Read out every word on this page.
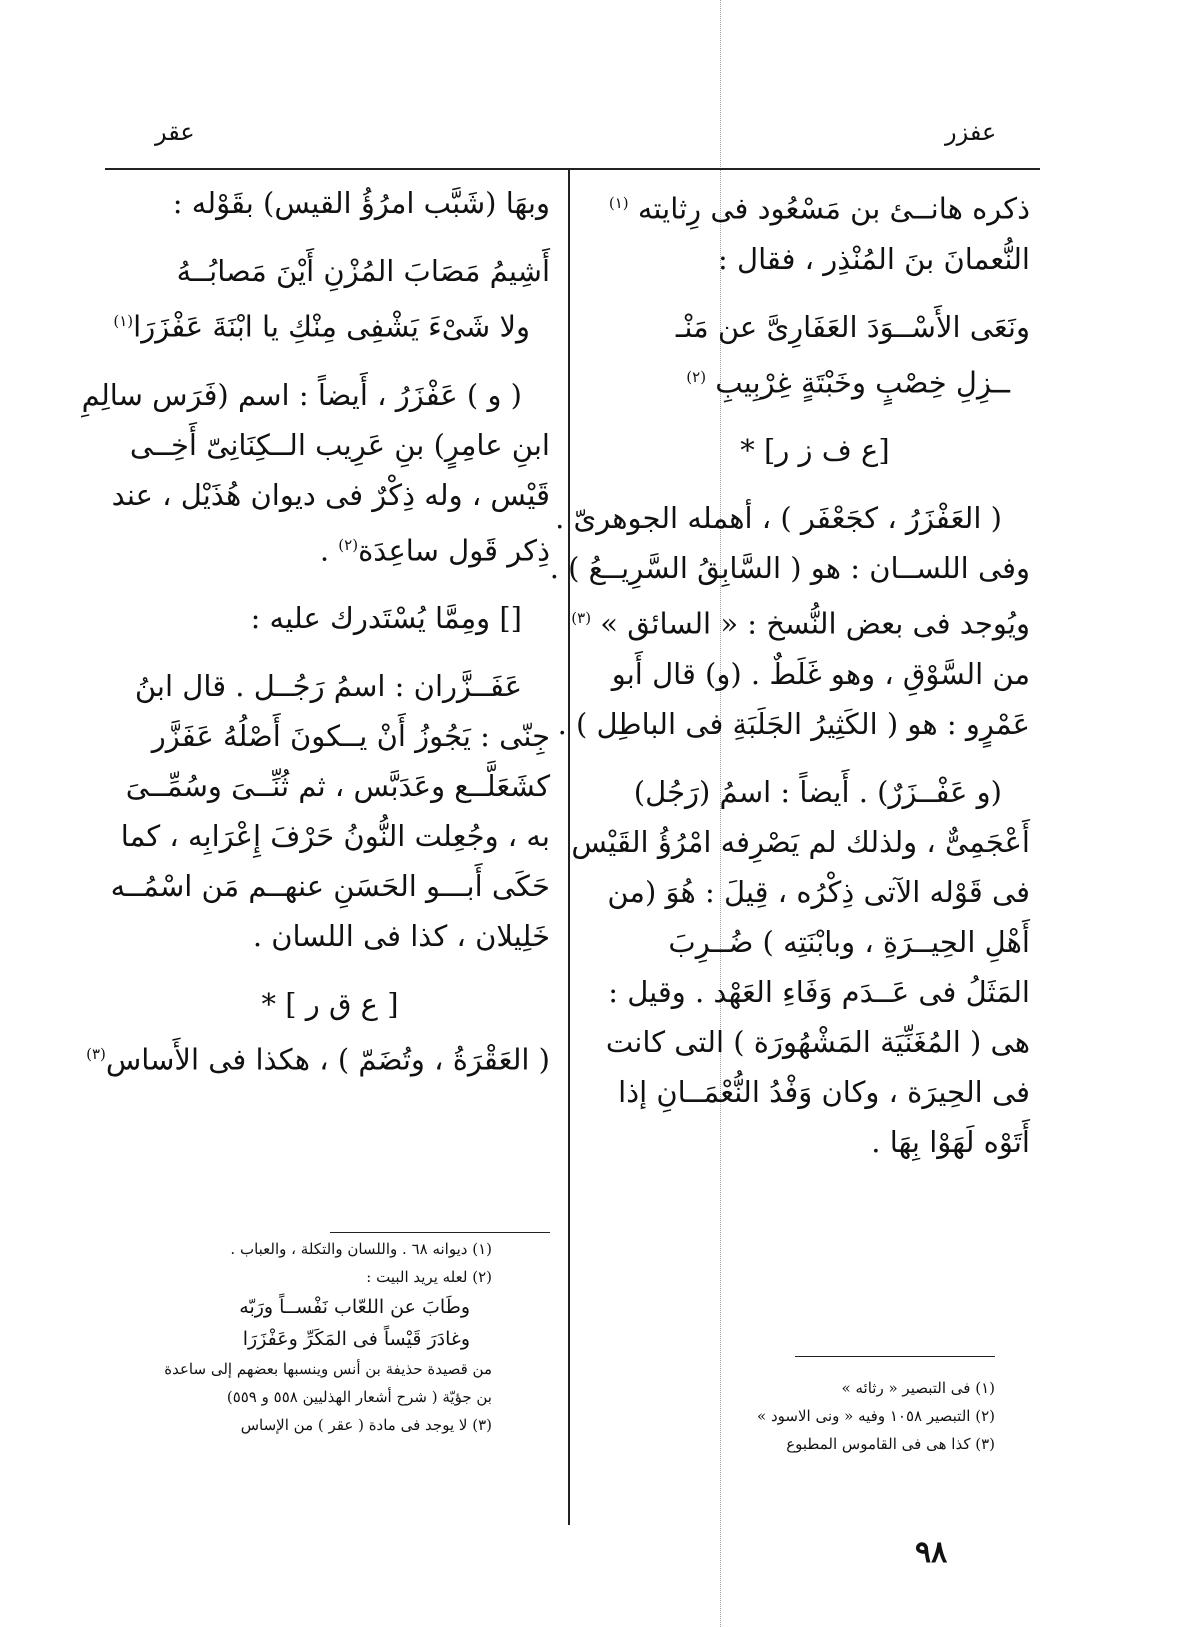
عقر	عفزر

ذكره هانــئ بن مَسْعُود فى رِثايته $^{(١)}$

النُّعمانَ بنَ المُنْذِر ، فقال :

ونَعَى الأَسْــوَدَ العَفَارِىَّ عن مَنْـ

ــزِلِ خِصْبٍ وخَبْتَةٍ غِرْبِيبِ $^{(٢)}$

[ع ف ز ر] *

( العَفْزَرُ ، كجَعْفَر ) ، أهمله الجوهرىّ .

وفى اللســان : هو ( السَّابِقُ السَّرِيــعُ ) .

ويُوجد فى بعض النُّسخ : « السائق » $^{(٣)}$

من السَّوْقِ ، وهو غَلَطٌ . (و) قال أَبو

عَمْرٍو : هو ( الكَثِيرُ الجَلَبَةِ فى الباطِل ) .

(و عَفْــزَرٌ) . أَيضاً : اسمُ (رَجُل)

أَعْجَمِىٌّ ، ولذلك لم يَصْرِفه امْرُؤُ القَيْس

فى قَوْله الآتى ذِكْرُه ، قِيلَ : هُوَ (من

أَهْلِ الحِيــرَةِ ، وبابْنَتِه ) ضُــرِبَ

المَثَلُ فى عَــدَم وَفَاءِ العَهْد . وقيل :

هى ( المُغَنِّيَة المَشْهُورَة ) التى كانت

فى الحِيرَة ، وكان وَفْدُ النُّعْمَــانِ إذا

أَتَوْه لَهَوْا بِهَا .

وبهَا (شَبَّب امرُؤُ القيس) بقَوْله :

أَشِيمُ مَصَابَ المُزْنِ أَيْنَ مَصابُــهُ

ولا شَىْءَ يَشْفِى مِنْكِ يا ابْنَةَ عَفْزَرَا$^{(١)}$

( و ) عَفْزَرُ ، أَيضاً : اسم (فَرَس سالِمِ

ابنِ عامِرٍ) بنِ عَرِيب الــكِنَانِىّ أَخِــى

قَيْس ، وله ذِكْرٌ فى ديوان هُذَيْل ، عند

ذِكر قَول ساعِدَة$^{(٢)}$ .

[] ومِمَّا يُسْتَدرك عليه :

عَفَــزَّران : اسمُ رَجُــل . قال ابنُ

جِنّى : يَجُوزُ أَنْ يــكونَ أَصْلُهُ عَفَزَّر

كشَعَلَّــع وعَدَبَّس ، ثم ثُنِّــىَ وسُمِّــىَ

به ، وجُعِلت النُّونُ حَرْفَ إِعْرَابِه ، كما

حَكَى أَبـــو الحَسَنِ عنهــم مَن اسْمُــه

خَلِيلان ، كذا فى اللسان .

[ ع ق ر ] *

( العَقْرَةُ ، وتُضَمّ ) ، هكذا فى الأَساس$^{(٣)}$

(١) ديوانه ٦٨ . واللسان والتكلة ، والعباب .

(٢) لعله يريد البيت :

وطَابَ عن اللعّاب نَفْســاً ورَبّه

وغادَرَ قَيْساً فى المَكَرِّ وعَفْزَرَا

من قصيدة حذيفة بن أنس وينسبها بعضهم إلى ساعدة

بن جؤيّة ( شرح أشعار الهذليين ٥٥٨ و ٥٥٩)

(٣) لا يوجد فى مادة ( عقر ) من الإساس

(١) فى التبصير « رثائه »

(٢) التبصير ١٠٥٨ وفيه « ونى الاسود »

(٣) كذا هى فى القاموس المطبوع

٩٨
